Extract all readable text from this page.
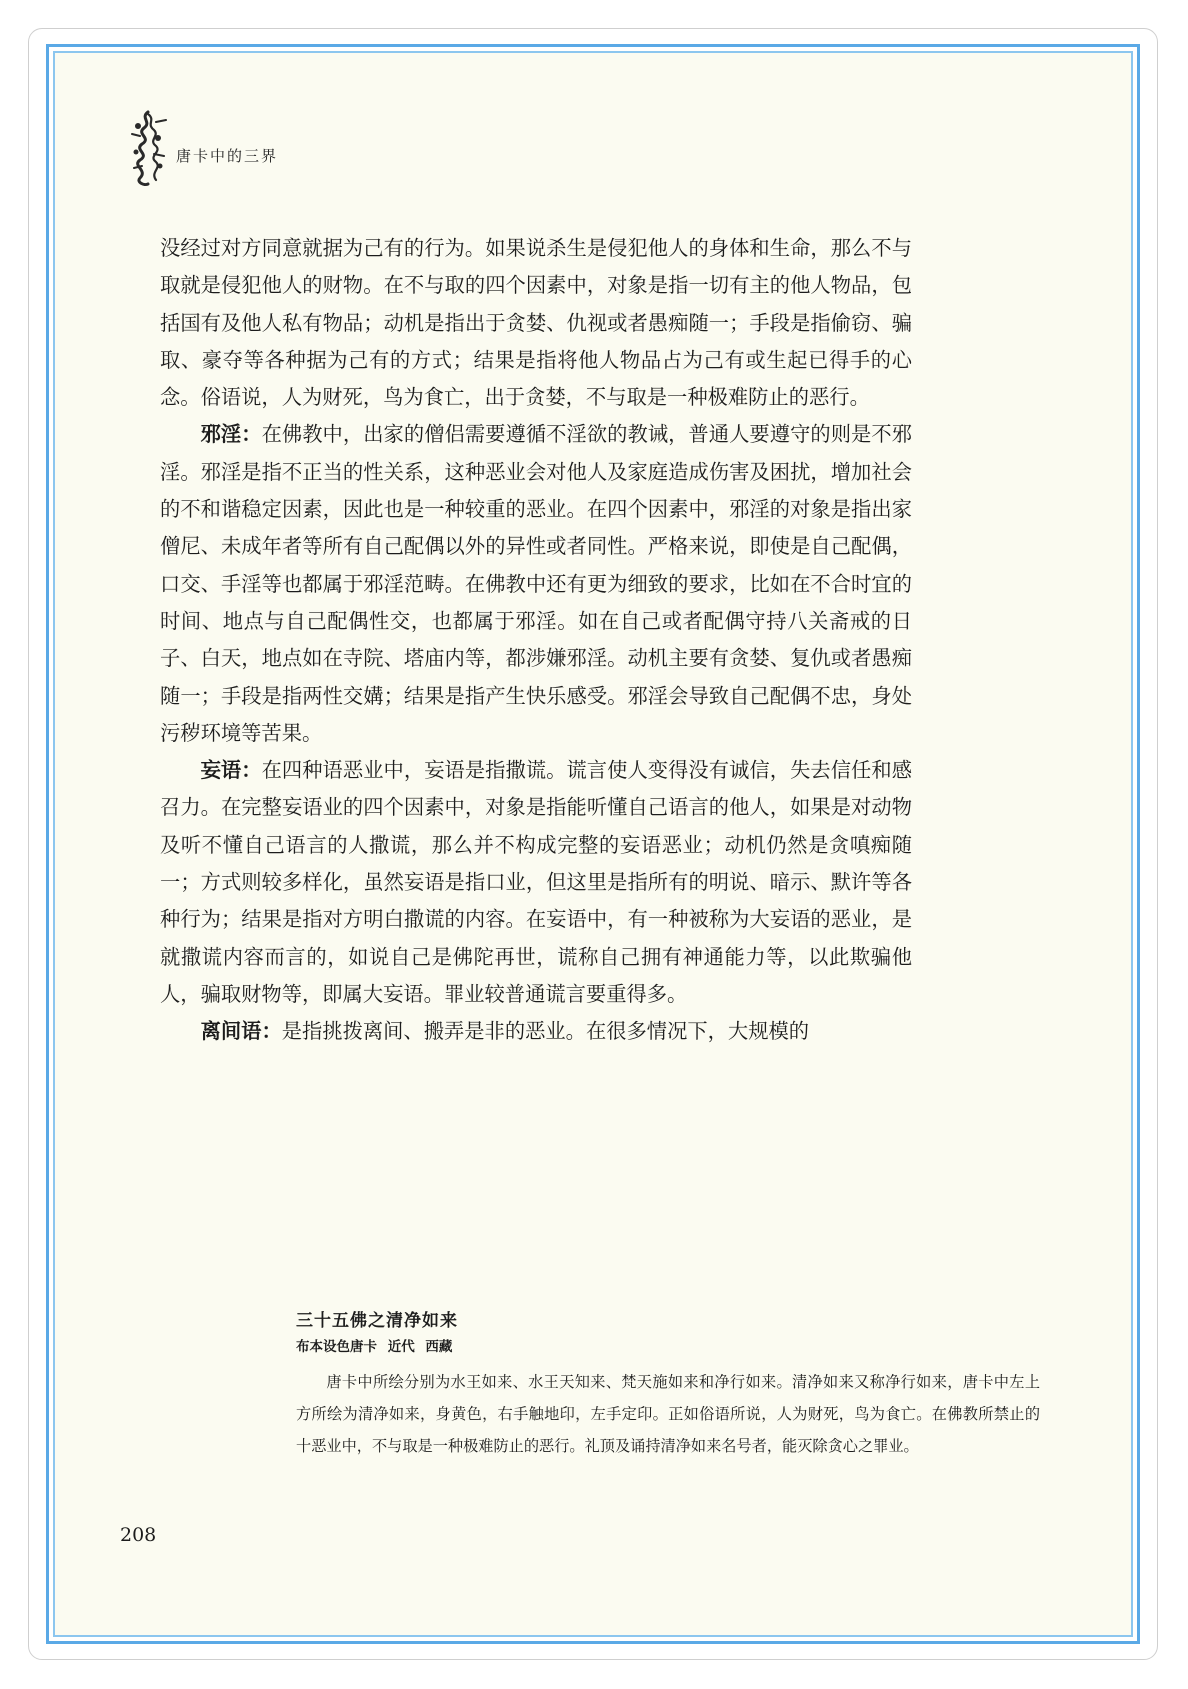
唐卡中的三界

没经过对方同意就据为己有的行为。如果说杀生是侵犯他人的身体和生命，那么不与取就是侵犯他人的财物。在不与取的四个因素中，对象是指一切有主的他人物品，包括国有及他人私有物品；动机是指出于贪婪、仇视或者愚痴随一；手段是指偷窃、骗取、豪夺等各种据为己有的方式；结果是指将他人物品占为己有或生起已得手的心念。俗语说，人为财死，鸟为食亡，出于贪婪，不与取是一种极难防止的恶行。

邪淫：在佛教中，出家的僧侣需要遵循不淫欲的教诫，普通人要遵守的则是不邪淫。邪淫是指不正当的性关系，这种恶业会对他人及家庭造成伤害及困扰，增加社会的不和谐稳定因素，因此也是一种较重的恶业。在四个因素中，邪淫的对象是指出家僧尼、未成年者等所有自己配偶以外的异性或者同性。严格来说，即使是自己配偶，口交、手淫等也都属于邪淫范畴。在佛教中还有更为细致的要求，比如在不合时宜的时间、地点与自己配偶性交，也都属于邪淫。如在自己或者配偶守持八关斋戒的日子、白天，地点如在寺院、塔庙内等，都涉嫌邪淫。动机主要有贪婪、复仇或者愚痴随一；手段是指两性交媾；结果是指产生快乐感受。邪淫会导致自己配偶不忠，身处污秽环境等苦果。

妄语：在四种语恶业中，妄语是指撒谎。谎言使人变得没有诚信，失去信任和感召力。在完整妄语业的四个因素中，对象是指能听懂自己语言的他人，如果是对动物及听不懂自己语言的人撒谎，那么并不构成完整的妄语恶业；动机仍然是贪嗔痴随一；方式则较多样化，虽然妄语是指口业，但这里是指所有的明说、暗示、默许等各种行为；结果是指对方明白撒谎的内容。在妄语中，有一种被称为大妄语的恶业，是就撒谎内容而言的，如说自己是佛陀再世，谎称自己拥有神通能力等，以此欺骗他人，骗取财物等，即属大妄语。罪业较普通谎言要重得多。

离间语：是指挑拨离间、搬弄是非的恶业。在很多情况下，大规模的

三十五佛之清净如来
布本设色唐卡 近代 西藏
唐卡中所绘分别为水王如来、水王天知来、梵天施如来和净行如来。清净如来又称净行如来，唐卡中左上方所绘为清净如来，身黄色，右手触地印，左手定印。正如俗语所说，人为财死，鸟为食亡。在佛教所禁止的十恶业中，不与取是一种极难防止的恶行。礼顶及诵持清净如来名号者，能灭除贪心之罪业。
208
